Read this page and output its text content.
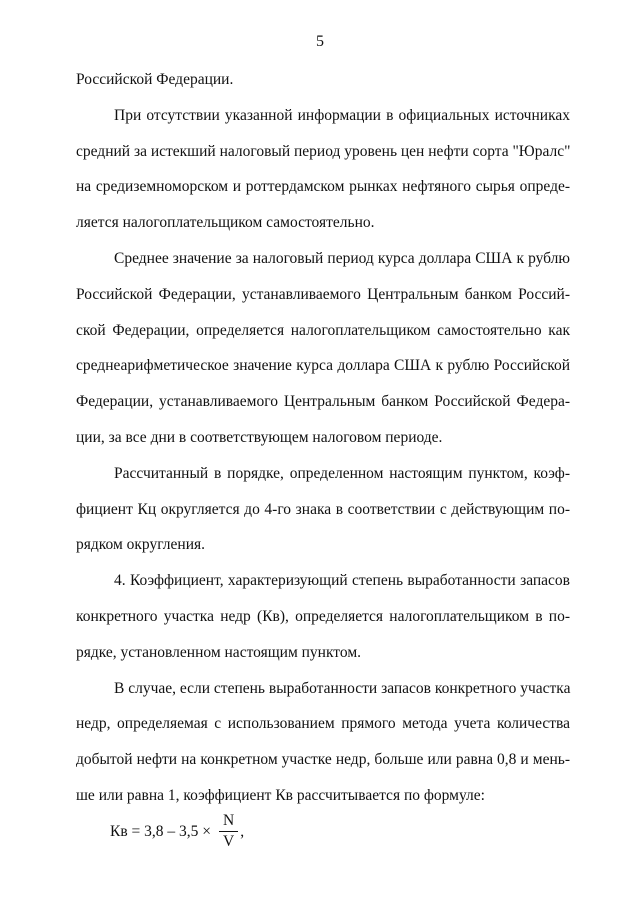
5
Российской Федерации.
При отсутствии указанной информации в официальных источниках
средний за истекший налоговый период уровень цен нефти сорта "Юралс"
на средиземноморском и роттердамском рынках нефтяного сырья опреде-
ляется налогоплательщиком самостоятельно.
Среднее значение за налоговый период курса доллара США к рублю
Российской Федерации, устанавливаемого Центральным банком Россий-
ской Федерации, определяется налогоплательщиком самостоятельно как
среднеарифметическое значение курса доллара США к рублю Российской
Федерации, устанавливаемого Центральным банком Российской Федера-
ции, за все дни в соответствующем налоговом периоде.
Рассчитанный в порядке, определенном настоящим пунктом, коэф-
фициент Кц округляется до 4-го знака в соответствии с действующим по-
рядком округления.
4. Коэффициент, характеризующий степень выработанности запасов
конкретного участка недр (Кв), определяется налогоплательщиком в по-
рядке, установленном настоящим пунктом.
В случае, если степень выработанности запасов конкретного участка
недр, определяемая с использованием прямого метода учета количества
добытой нефти на конкретном участке недр, больше или равна 0,8 и мень-
ше или равна 1, коэффициент Кв рассчитывается по формуле:
Кв = $3,8 - 3,5 \times \frac{N}{V}$ ,
